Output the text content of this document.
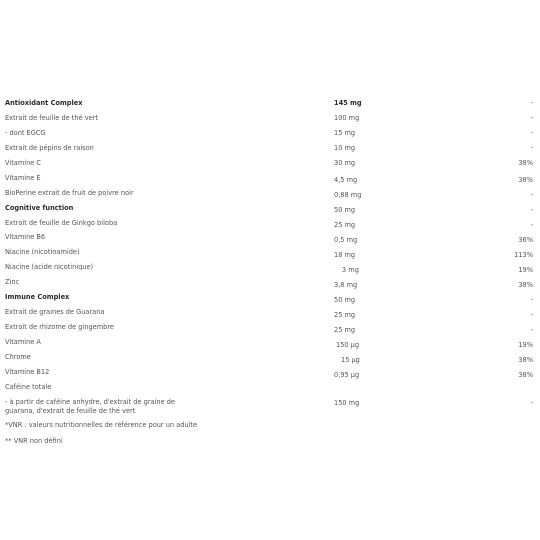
Antioxidant Complex	145 mg	-
Extrait de feuille de thé vert	100 mg	-
- dont EGCG	15 mg	-
Extrait de pépins de raison	10 mg	-
Vitamine C	30 mg	38%
Vitamine E	4,5 mg	38%
BioPerine extrait de fruit de poivre noir	0,88 mg	-
Cognitive function	50 mg	-
Extrait de feuille de Ginkgo biloba	25 mg	-
Vitamine B6	0,5 mg	36%
Niacine (nicotinamide)	18 mg	113%
Niacine (acide nicotinique)	3 mg	19%
Zinc	3,8 mg	38%
Immune Complex	50 mg	-
Extrait de graines de Guarana	25 mg	-
Extrait de rhizome de gingembre	25 mg	-
Vitamine A	150 µg	19%
Chrome	15 µg	38%
Vitamine B12	0,95 µg	38%
Caféine totale
- à partir de caféine anhydre, d'extrait de graine de
guarana, d'extrait de feuille de thé vert
150 mg	-
*VNR : valeurs nutritionnelles de référence pour un adulte
** VNR non défini
